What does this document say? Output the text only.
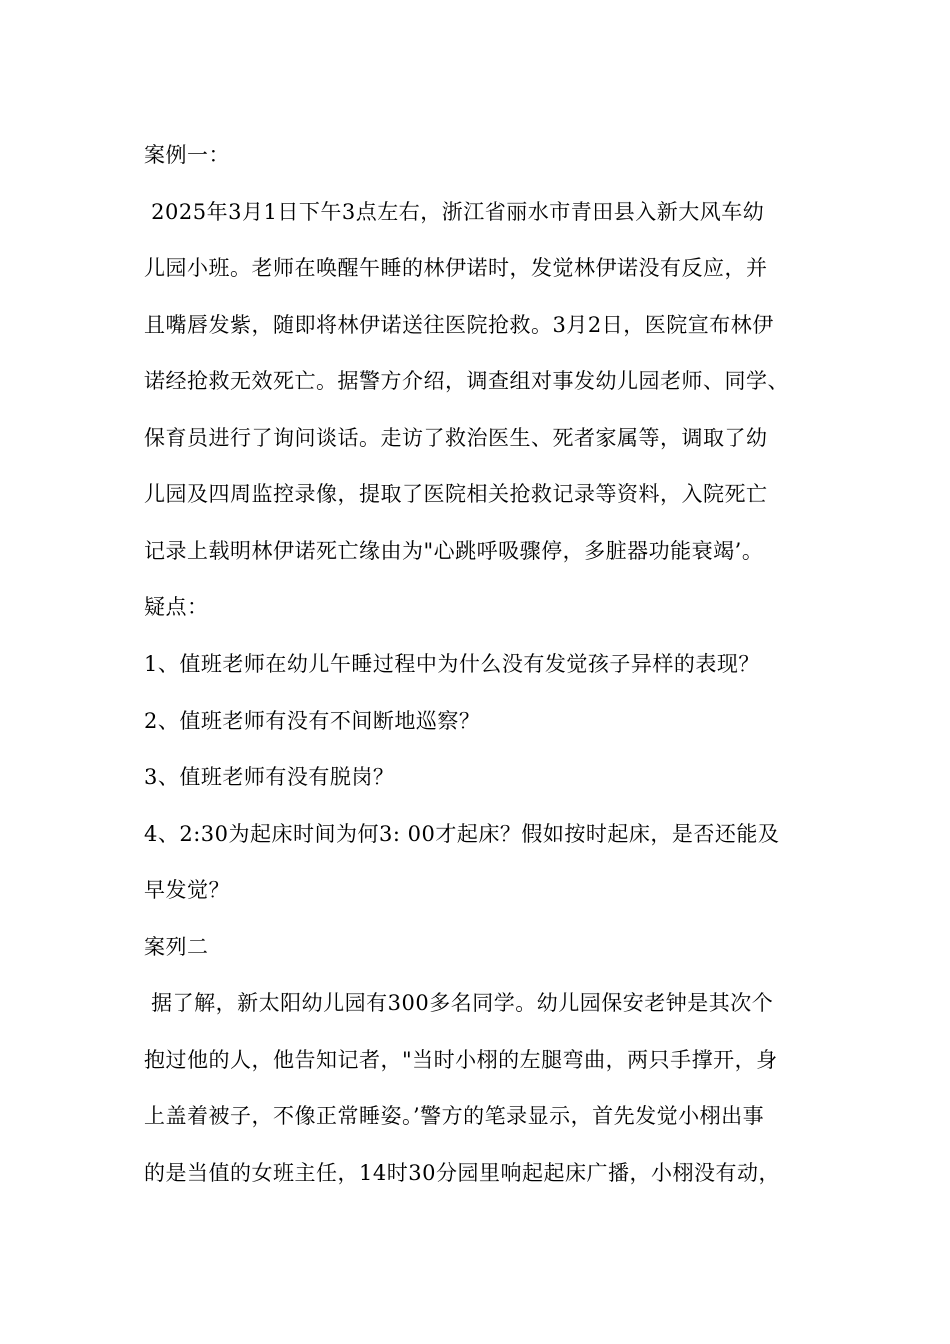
案例一：
2025年3月1日下午3点左右，浙江省丽水市青田县入新大风车幼
儿园小班。老师在唤醒午睡的林伊诺时，发觉林伊诺没有反应，并
且嘴唇发紫，随即将林伊诺送往医院抢救。3月2日，医院宣布林伊
诺经抢救无效死亡。据警方介绍，调查组对事发幼儿园老师、同学、
保育员进行了询问谈话。走访了救治医生、死者家属等，调取了幼
儿园及四周监控录像，提取了医院相关抢救记录等资料，入院死亡
记录上载明林伊诺死亡缘由为"心跳呼吸骤停，多脏器功能衰竭’。
疑点：
1、值班老师在幼儿午睡过程中为什么没有发觉孩子异样的表现？
2、值班老师有没有不间断地巡察？
3、值班老师有没有脱岗？
4、2:30为起床时间为何3: 00才起床？假如按时起床，是否还能及
早发觉？
案列二
据了解，新太阳幼儿园有300多名同学。幼儿园保安老钟是其次个
抱过他的人，他告知记者，"当时小栩的左腿弯曲，两只手撑开，身
上盖着被子，不像正常睡姿。’警方的笔录显示，首先发觉小栩出事
的是当值的女班主任，14时30分园里响起起床广播，小栩没有动，
